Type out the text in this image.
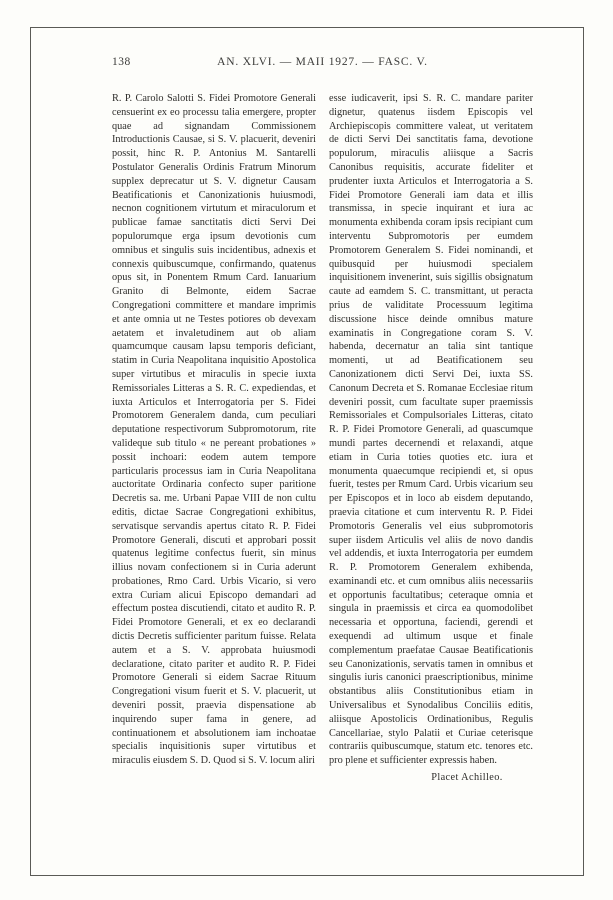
138	AN. XLVI. — MAII 1927. — FASC. V.
R. P. Carolo Salotti S. Fidei Promotore Generali censuerint ex eo processu talia emergere, propter quae ad signandam Commissionem Introductionis Causae, si S. V. placuerit, deveniri possit, hinc R. P. Antonius M. Santarelli Postulator Generalis Ordinis Fratrum Minorum supplex deprecatur ut S. V. dignetur Causam Beatificationis et Canonizationis huiusmodi, necnon cognitionem virtutum et miraculorum et publicae famae sanctitatis dicti Servi Dei populorumque erga ipsum devotionis cum omnibus et singulis suis incidentibus, adnexis et connexis quibuscumque, confirmando, quatenus opus sit, in Ponentem Rmum Card. Ianuarium Granito di Belmonte, eidem Sacrae Congregationi committere et mandare imprimis et ante omnia ut ne Testes potiores ob devexam aetatem et invaletudinem aut ob aliam quamcumque causam lapsu temporis deficiant, statim in Curia Neapolitana inquisitio Apostolica super virtutibus et miraculis in specie iuxta Remissoriales Litteras a S. R. C. expediendas, et iuxta Articulos et Interrogatoria per S. Fidei Promotorem Generalem danda, cum peculiari deputatione respectivorum Subpromotorum, rite valideque sub titulo « ne pereant probationes » possit inchoari: eodem autem tempore particularis processus iam in Curia Neapolitana auctoritate Ordinaria confecto super paritione Decretis sa. me. Urbani Papae VIII de non cultu editis, dictae Sacrae Congregationi exhibitus, servatisque servandis apertus citato R. P. Fidei Promotore Generali, discuti et approbari possit quatenus legitime confectus fuerit, sin minus illius novam confectionem si in Curia aderunt probationes, Rmo Card. Urbis Vicario, si vero extra Curiam alicui Episcopo demandari ad effectum postea discutiendi, citato et audito R. P. Fidei Promotore Generali, et ex eo declarandi dictis Decretis sufficienter paritum fuisse. Relata autem et a S. V. approbata huiusmodi declaratione, citato pariter et audito R. P. Fidei Promotore Generali si eidem Sacrae Rituum Congregationi visum fuerit et S. V. placuerit, ut deveniri possit, praevia dispensatione ab inquirendo super fama in genere, ad continuationem et absolutionem iam inchoatae specialis inquisitionis super virtutibus et miraculis eiusdem S. D. Quod si S. V. locum aliri
esse iudicaverit, ipsi S. R. C. mandare pariter dignetur, quatenus iisdem Episcopis vel Archiepiscopis committere valeat, ut veritatem de dicti Servi Dei sanctitatis fama, devotione populorum, miraculis aliisque a Sacris Canonibus requisitis, accurate fideliter et prudenter iuxta Articulos et Interrogatoria a S. Fidei Promotore Generali iam data et illis transmissa, in specie inquirant et iura ac monumenta exhibenda coram ipsis recipiant cum interventu Subpromotoris per eumdem Promotorem Generalem S. Fidei nominandi, et quibusquid per huiusmodi specialem inquisitionem invenerint, suis sigillis obsignatum caute ad eamdem S. C. transmittant, ut peracta prius de validitate Processuum legitima discussione hisce deinde omnibus mature examinatis in Congregatione coram S. V. habenda, decernatur an talia sint tantique momenti, ut ad Beatificationem seu Canonizationem dicti Servi Dei, iuxta SS. Canonum Decreta et S. Romanae Ecclesiae ritum deveniri possit, cum facultate super praemissis Remissoriales et Compulsoriales Litteras, citato R. P. Fidei Promotore Generali, ad quascumque mundi partes decernendi et relaxandi, atque etiam in Curia toties quoties etc. iura et monumenta quaecumque recipiendi et, si opus fuerit, testes per Rmum Card. Urbis vicarium seu per Episcopos et in loco ab eisdem deputando, praevia citatione et cum interventu R. P. Fidei Promotoris Generalis vel eius subpromotoris super iisdem Articulis vel aliis de novo dandis vel addendis, et iuxta Interrogatoria per eumdem R. P. Promotorem Generalem exhibenda, examinandi etc. et cum omnibus aliis necessariis et opportunis facultatibus; ceteraque omnia et singula in praemissis et circa ea quomodolibet necessaria et opportuna, faciendi, gerendi et exequendi ad ultimum usque et finale complementum praefatae Causae Beatificationis seu Canonizationis, servatis tamen in omnibus et singulis iuris canonici praescriptionibus, minime obstantibus aliis Constitutionibus etiam in Universalibus et Synodalibus Conciliis editis, aliisque Apostolicis Ordinationibus, Regulis Cancellariae, stylo Palatii et Curiae ceterisque contrariis quibuscumque, statum etc. tenores etc. pro plene et sufficienter expressis haben.
Placet Achilleo.
